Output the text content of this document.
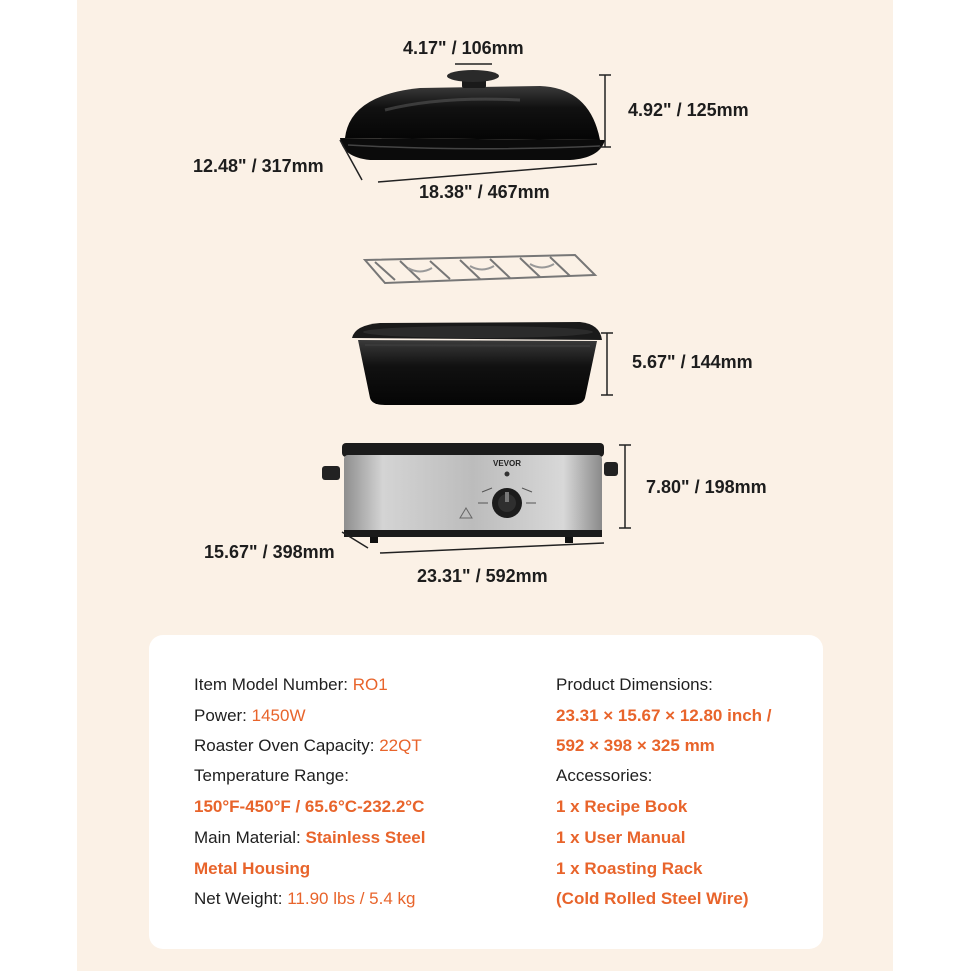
VEVOR
4.17" / 106mm
4.92" / 125mm
12.48" / 317mm
18.38" / 467mm
5.67" / 144mm
7.80" / 198mm
15.67" / 398mm
23.31" / 592mm
Item Model Number: RO1
Power: 1450W
Roaster Oven Capacity: 22QT
Temperature Range:
150°F-450°F / 65.6°C-232.2°C
Main Material: Stainless Steel
Metal Housing
Net Weight: 11.90 lbs / 5.4 kg
Product Dimensions:
23.31 × 15.67 × 12.80 inch /
592 × 398 × 325 mm
Accessories:
1 x Recipe Book
1 x User Manual
1 x Roasting Rack
(Cold Rolled Steel Wire)
